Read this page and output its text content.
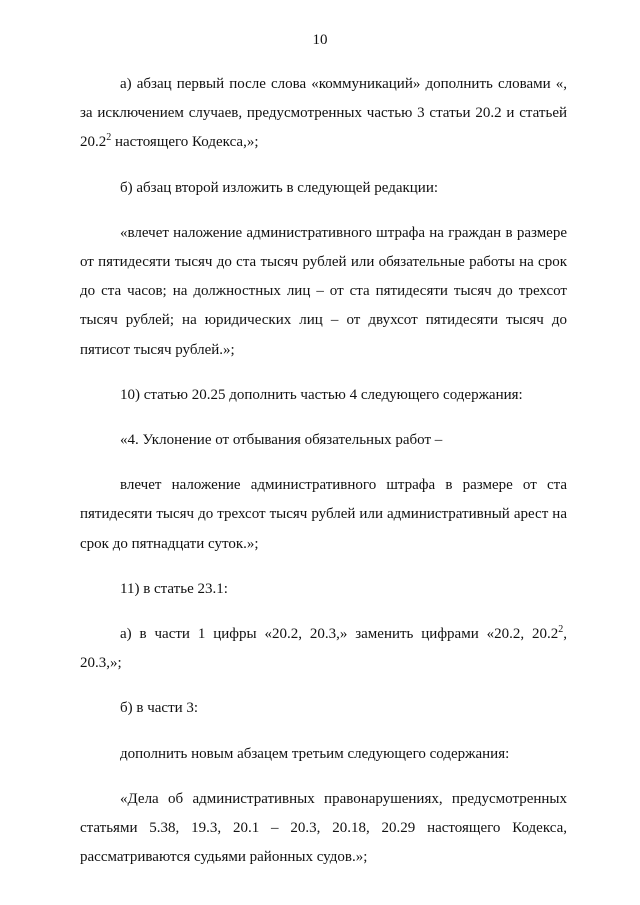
10

а) абзац первый после слова «коммуникаций» дополнить словами «, за исключением случаев, предусмотренных частью 3 статьи 20.2 и статьей 20.2$^2$ настоящего Кодекса,»;

б) абзац второй изложить в следующей редакции:

«влечет наложение административного штрафа на граждан в размере от пятидесяти тысяч до ста тысяч рублей или обязательные работы на срок до ста часов; на должностных лиц – от ста пятидесяти тысяч до трехсот тысяч рублей; на юридических лиц – от двухсот пятидесяти тысяч до пятисот тысяч рублей.»;

10) статью 20.25 дополнить частью 4 следующего содержания:

«4. Уклонение от отбывания обязательных работ –

влечет наложение административного штрафа в размере от ста пятидесяти тысяч до трехсот тысяч рублей или административный арест на срок до пятнадцати суток.»;

11) в статье 23.1:

а) в части 1 цифры «20.2, 20.3,» заменить цифрами «20.2, 20.2$^2$, 20.3,»;

б) в части 3:

дополнить новым абзацем третьим следующего содержания:

«Дела об административных правонарушениях, предусмотренных статьями 5.38, 19.3, 20.1 – 20.3, 20.18, 20.29 настоящего Кодекса, рассматриваются судьями районных судов.»;
